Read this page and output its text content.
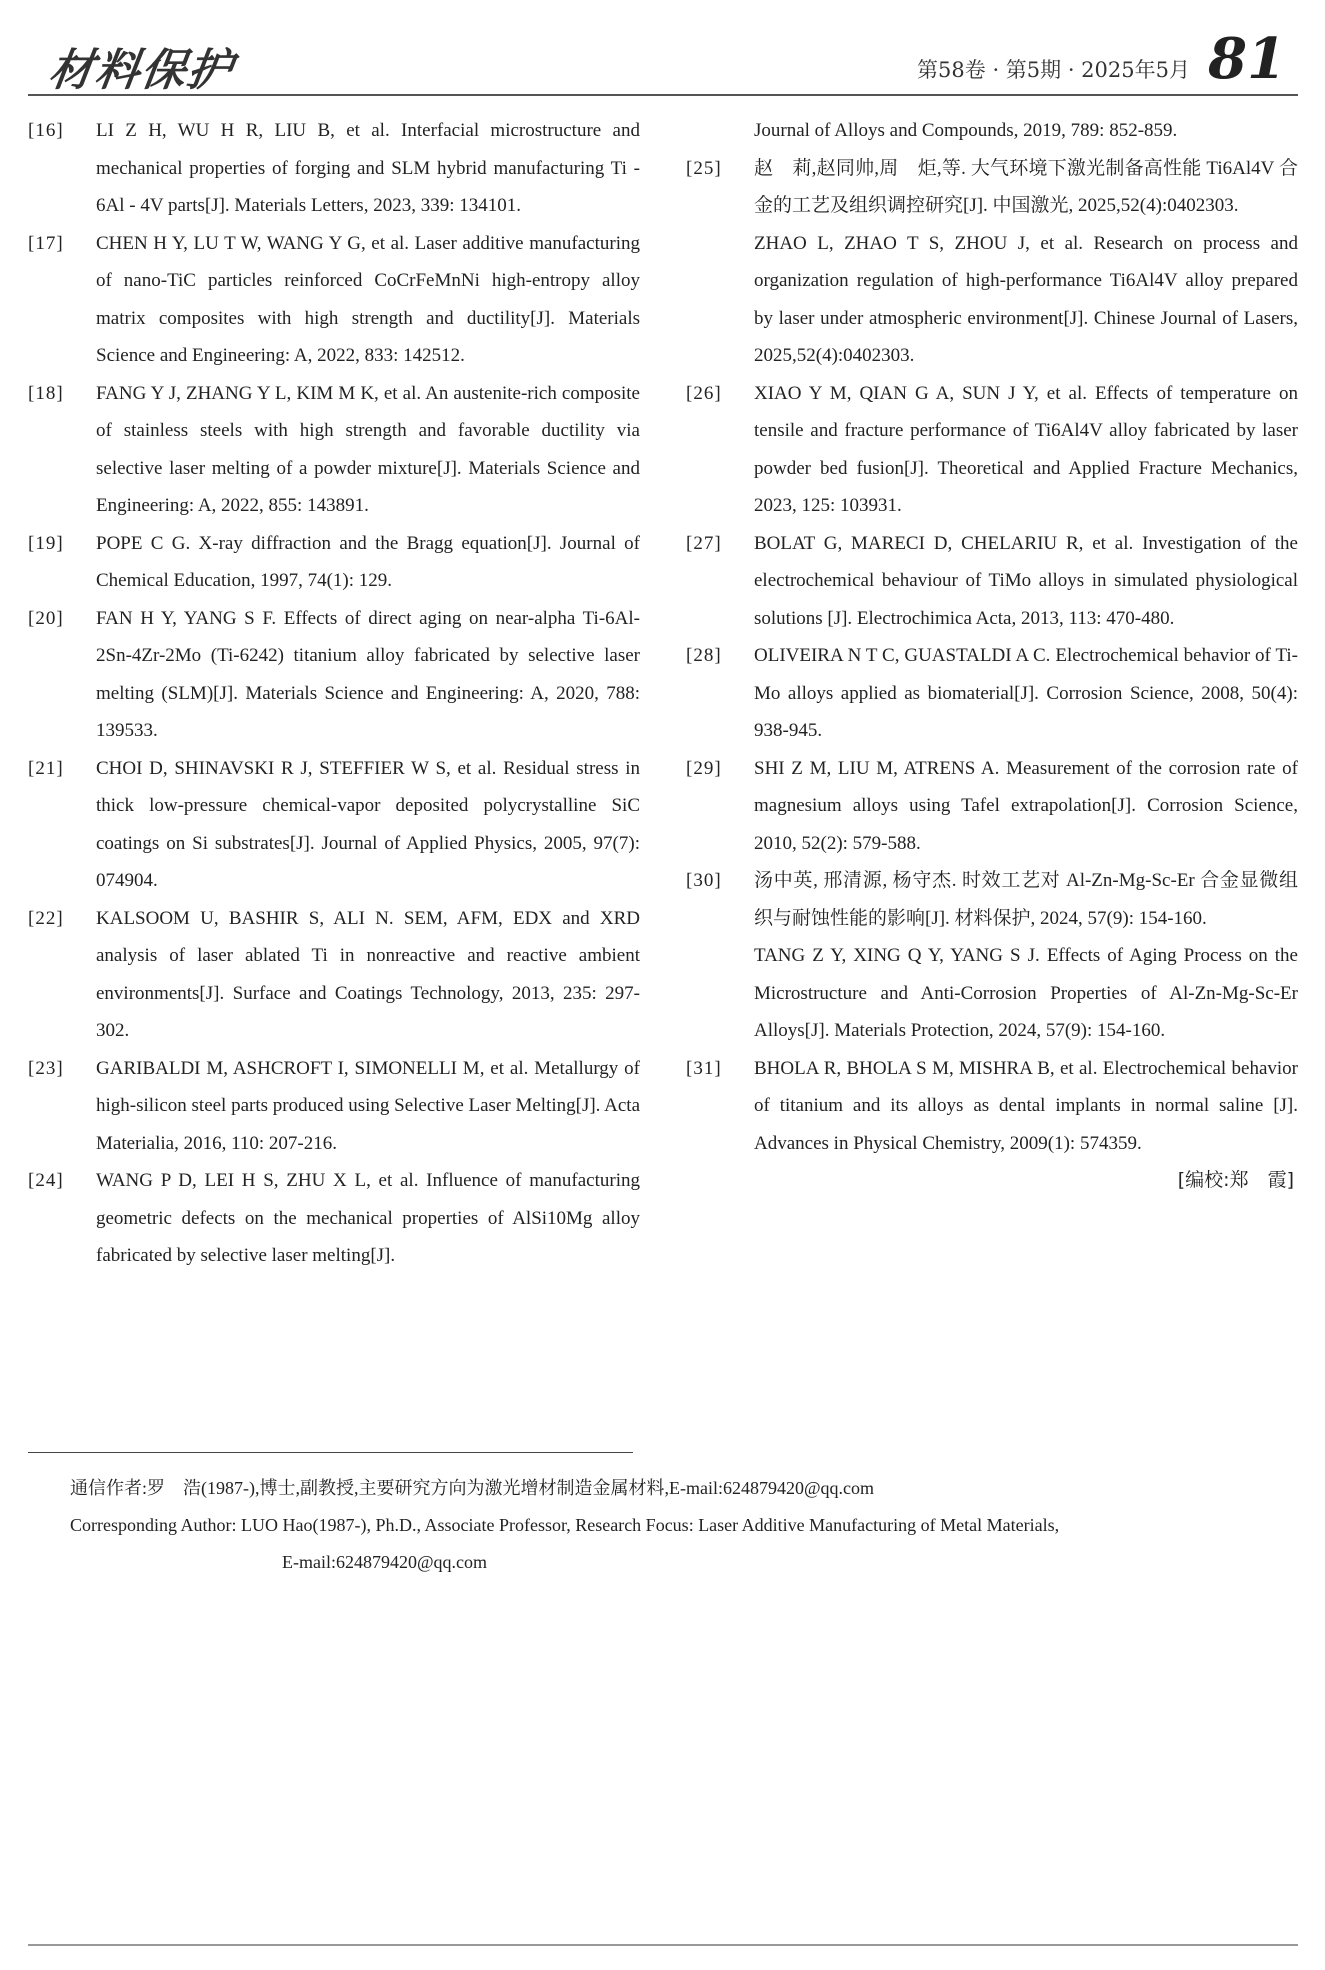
材料保护	第58卷 · 第5期 · 2025年5月 81
[16]	LI Z H, WU H R, LIU B, et al. Interfacial microstructure and mechanical properties of forging and SLM hybrid manufacturing Ti - 6Al - 4V parts[J]. Materials Letters, 2023, 339: 134101.
[17]	CHEN H Y, LU T W, WANG Y G, et al. Laser additive manufacturing of nano-TiC particles reinforced CoCrFeMnNi high-entropy alloy matrix composites with high strength and ductility[J]. Materials Science and Engineering: A, 2022, 833: 142512.
[18]	FANG Y J, ZHANG Y L, KIM M K, et al. An austenite-rich composite of stainless steels with high strength and favorable ductility via selective laser melting of a powder mixture[J]. Materials Science and Engineering: A, 2022, 855: 143891.
[19]	POPE C G. X-ray diffraction and the Bragg equation[J]. Journal of Chemical Education, 1997, 74(1): 129.
[20]	FAN H Y, YANG S F. Effects of direct aging on near-alpha Ti-6Al-2Sn-4Zr-2Mo (Ti-6242) titanium alloy fabricated by selective laser melting (SLM)[J]. Materials Science and Engineering: A, 2020, 788: 139533.
[21]	CHOI D, SHINAVSKI R J, STEFFIER W S, et al. Residual stress in thick low-pressure chemical-vapor deposited polycrystalline SiC coatings on Si substrates[J]. Journal of Applied Physics, 2005, 97(7): 074904.
[22]	KALSOOM U, BASHIR S, ALI N. SEM, AFM, EDX and XRD analysis of laser ablated Ti in nonreactive and reactive ambient environments[J]. Surface and Coatings Technology, 2013, 235: 297-302.
[23]	GARIBALDI M, ASHCROFT I, SIMONELLI M, et al. Metallurgy of high-silicon steel parts produced using Selective Laser Melting[J]. Acta Materialia, 2016, 110: 207-216.
[24]	WANG P D, LEI H S, ZHU X L, et al. Influence of manufacturing geometric defects on the mechanical properties of AlSi10Mg alloy fabricated by selective laser melting[J].
Journal of Alloys and Compounds, 2019, 789: 852-859.
[25]	赵　莉,赵同帅,周　炬,等. 大气环境下激光制备高性能 Ti6Al4V 合金的工艺及组织调控研究[J]. 中国激光, 2025,52(4):0402303.
ZHAO L, ZHAO T S, ZHOU J, et al. Research on process and organization regulation of high-performance Ti6Al4V alloy prepared by laser under atmospheric environment[J]. Chinese Journal of Lasers, 2025,52(4):0402303.
[26]	XIAO Y M, QIAN G A, SUN J Y, et al. Effects of temperature on tensile and fracture performance of Ti6Al4V alloy fabricated by laser powder bed fusion[J]. Theoretical and Applied Fracture Mechanics, 2023, 125: 103931.
[27]	BOLAT G, MARECI D, CHELARIU R, et al. Investigation of the electrochemical behaviour of TiMo alloys in simulated physiological solutions [J]. Electrochimica Acta, 2013, 113: 470-480.
[28]	OLIVEIRA N T C, GUASTALDI A C. Electrochemical behavior of Ti-Mo alloys applied as biomaterial[J]. Corrosion Science, 2008, 50(4): 938-945.
[29]	SHI Z M, LIU M, ATRENS A. Measurement of the corrosion rate of magnesium alloys using Tafel extrapolation[J]. Corrosion Science, 2010, 52(2): 579-588.
[30]	汤中英, 邢清源, 杨守杰. 时效工艺对 Al-Zn-Mg-Sc-Er 合金显微组织与耐蚀性能的影响[J]. 材料保护, 2024, 57(9): 154-160.
TANG Z Y, XING Q Y, YANG S J. Effects of Aging Process on the Microstructure and Anti-Corrosion Properties of Al-Zn-Mg-Sc-Er Alloys[J]. Materials Protection, 2024, 57(9): 154-160.
[31]	BHOLA R, BHOLA S M, MISHRA B, et al. Electrochemical behavior of titanium and its alloys as dental implants in normal saline [J]. Advances in Physical Chemistry, 2009(1): 574359.
[编校:郑　霞]
通信作者:罗　浩(1987-),博士,副教授,主要研究方向为激光增材制造金属材料,E-mail:624879420@qq.com
Corresponding Author: LUO Hao(1987-), Ph.D., Associate Professor, Research Focus: Laser Additive Manufacturing of Metal Materials,
E-mail:624879420@qq.com
